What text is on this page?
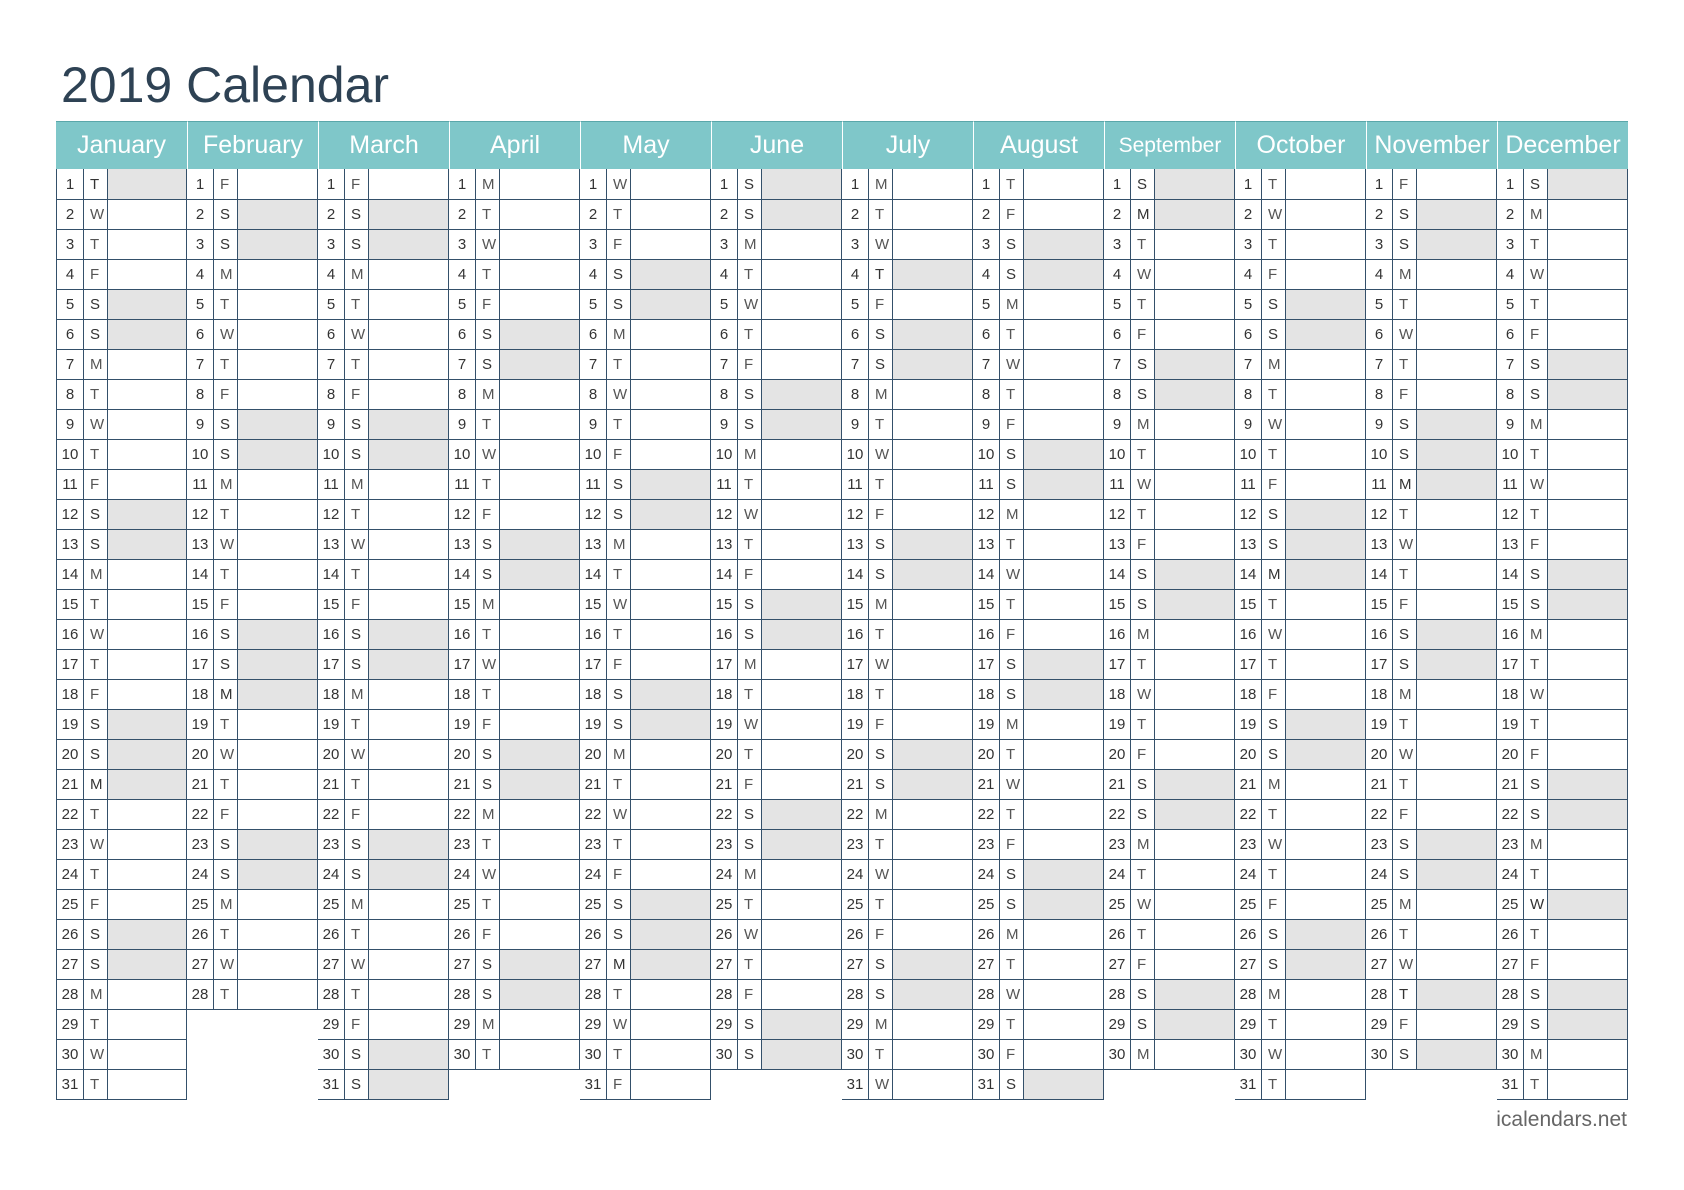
2019 Calendar
January
1	T
2	W
3	T
4	F
5	S
6	S
7	M
8	T
9	W
10 T
11 F
12 S
13 S
14 M
15 T
16 W
17 T
18 F
19 S
20 S
21 M
22 T
23 W
24 T
25 F
26 S
27 S
28 M
29 T
30 W
31 T
February
1	F
2	S
3	S
4	M
5	T
6	W
7	T
8	F
9	S
10 S
11 M
12 T
13 W
14 T
15 F
16 S
17 S
18 M
19 T
20 W
21 T
22 F
23 S
24 S
25 M
26 T
27 W
28 T
March
1	F
2	S
3	S
4	M
5	T
6	W
7	T
8	F
9	S
10 S
11 M
12 T
13 W
14 T
15 F
16 S
17 S
18 M
19 T
20 W
21 T
22 F
23 S
24 S
25 M
26 T
27 W
28 T
29 F
30 S
31 S
April
1	M
2	T
3	W
4	T
5	F
6	S
7	S
8	M
9	T
10 W
11 T
12 F
13 S
14 S
15 M
16 T
17 W
18 T
19 F
20 S
21 S
22 M
23 T
24 W
25 T
26 F
27 S
28 S
29 M
30 T
May
1	W
2	T
3	F
4	S
5	S
6	M
7	T
8	W
9	T
10 F
11 S
12 S
13 M
14 T
15 W
16 T
17 F
18 S
19 S
20 M
21 T
22 W
23 T
24 F
25 S
26 S
27 M
28 T
29 W
30 T
31 F
June
1	S
2	S
3	M
4	T
5	W
6	T
7	F
8	S
9	S
10 M
11 T
12 W
13 T
14 F
15 S
16 S
17 M
18 T
19 W
20 T
21 F
22 S
23 S
24 M
25 T
26 W
27 T
28 F
29 S
30 S
July
1	M
2	T
3	W
4	T
5	F
6	S
7	S
8	M
9	T
10 W
11 T
12 F
13 S
14 S
15 M
16 T
17 W
18 T
19 F
20 S
21 S
22 M
23 T
24 W
25 T
26 F
27 S
28 S
29 M
30 T
31 W
August
1	T
2	F
3	S
4	S
5	M
6	T
7	W
8	T
9	F
10 S
11 S
12 M
13 T
14 W
15 T
16 F
17 S
18 S
19 M
20 T
21 W
22 T
23 F
24 S
25 S
26 M
27 T
28 W
29 T
30 F
31 S
September
1	S
2	M
3	T
4	W
5	T
6	F
7	S
8	S
9	M
10 T
11 W
12 T
13 F
14 S
15 S
16 M
17 T
18 W
19 T
20 F
21 S
22 S
23 M
24 T
25 W
26 T
27 F
28 S
29 S
30 M
October
1	T
2	W
3	T
4	F
5	S
6	S
7	M
8	T
9	W
10 T
11 F
12 S
13 S
14 M
15 T
16 W
17 T
18 F
19 S
20 S
21 M
22 T
23 W
24 T
25 F
26 S
27 S
28 M
29 T
30 W
31 T
November
1	F
2	S
3	S
4	M
5	T
6	W
7	T
8	F
9	S
10 S
11 M
12 T
13 W
14 T
15 F
16 S
17 S
18 M
19 T
20 W
21 T
22 F
23 S
24 S
25 M
26 T
27 W
28 T
29 F
30 S
December
1	S
2	M
3	T
4	W
5	T
6	F
7	S
8	S
9	M
10 T
11 W
12 T
13 F
14 S
15 S
16 M
17 T
18 W
19 T
20 F
21 S
22 S
23 M
24 T
25 W
26 T
27 F
28 S
29 S
30 M
31 T
icalendars.net
